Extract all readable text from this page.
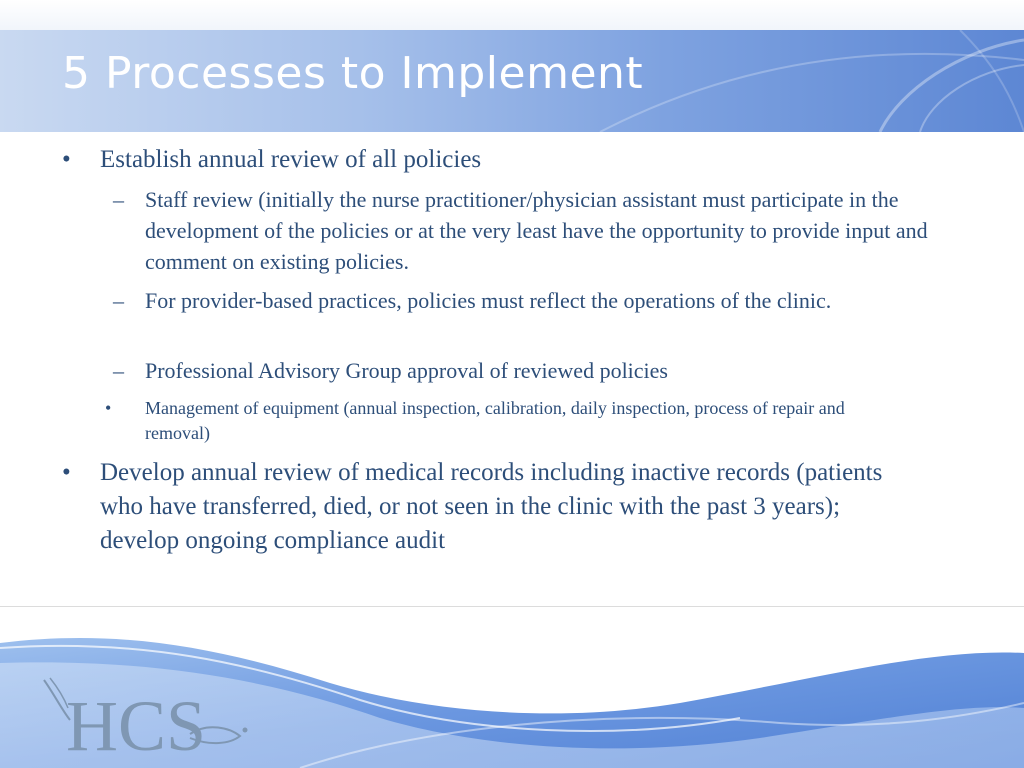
5 Processes to Implement
• Establish annual review of all policies
– Staff review (initially the nurse practitioner/physician assistant must participate in the development of the policies or at the very least have the opportunity to provide input and comment on existing policies.
– For provider-based practices, policies must reflect the operations of the clinic.
– Professional Advisory Group approval of reviewed policies
• Management of equipment (annual inspection, calibration, daily inspection, process of repair and removal)
• Develop annual review of medical records including inactive records (patients who have transferred, died, or not seen in the clinic with the past 3 years); develop ongoing compliance audit
HCS
